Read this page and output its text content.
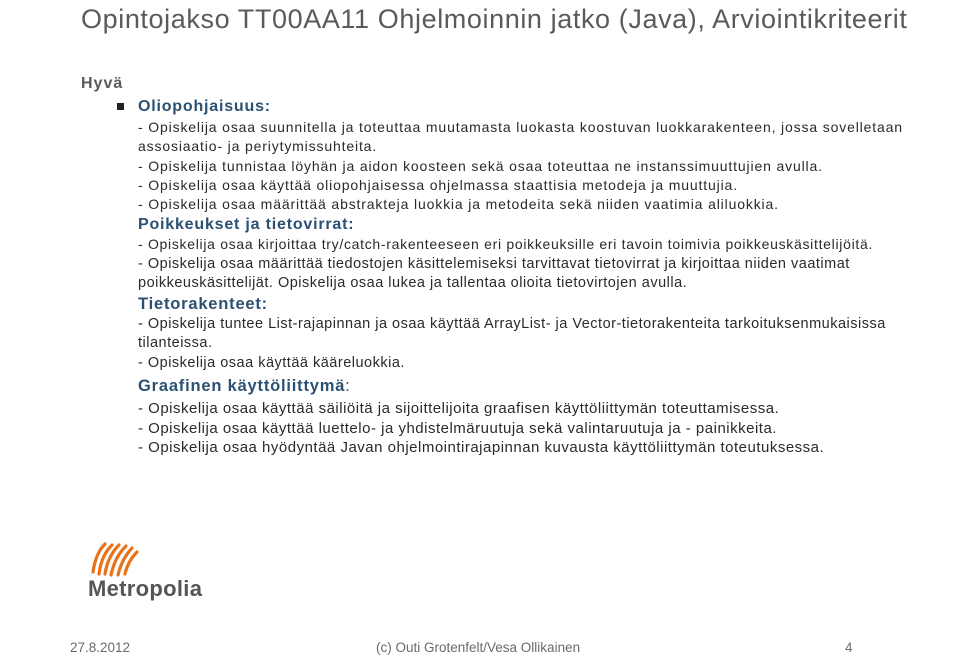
Opintojakso TT00AA11 Ohjelmoinnin jatko (Java), Arviointikriteerit
Hyvä

Oliopohjaisuus:

- Opiskelija osaa suunnitella ja toteuttaa muutamasta luokasta koostuvan luokkarakenteen, jossa sovelletaan assosiaatio- ja periytymissuhteita.

- Opiskelija tunnistaa löyhän ja aidon koosteen sekä osaa toteuttaa ne instanssimuuttujien avulla.

- Opiskelija osaa käyttää oliopohjaisessa ohjelmassa staattisia metodeja ja muuttujia.

- Opiskelija osaa määrittää abstrakteja luokkia ja metodeita sekä niiden vaatimia aliluokkia.

Poikkeukset ja tietovirrat:

- Opiskelija osaa kirjoittaa try/catch-rakenteeseen eri poikkeuksille eri tavoin toimivia poikkeuskäsittelijöitä.

- Opiskelija osaa määrittää tiedostojen käsittelemiseksi tarvittavat tietovirrat ja kirjoittaa niiden vaatimat poikkeuskäsittelijät. Opiskelija osaa lukea ja tallentaa olioita tietovirtojen avulla.

Tietorakenteet:

- Opiskelija tuntee List-rajapinnan ja osaa käyttää ArrayList- ja Vector-tietorakenteita tarkoituksenmukaisissa tilanteissa.

- Opiskelija osaa käyttää kääreluokkia.

Graafinen käyttöliittymä:

- Opiskelija osaa käyttää säiliöitä ja sijoittelijoita graafisen käyttöliittymän toteuttamisessa.

- Opiskelija osaa käyttää luettelo- ja yhdistelmäruutuja sekä valintaruutuja ja - painikkeita.

- Opiskelija osaa hyödyntää Javan ohjelmointirajapinnan kuvausta käyttöliittymän toteutuksessa.

Metropolia
27.8.2012	(c) Outi Grotenfelt/Vesa Ollikainen	4
